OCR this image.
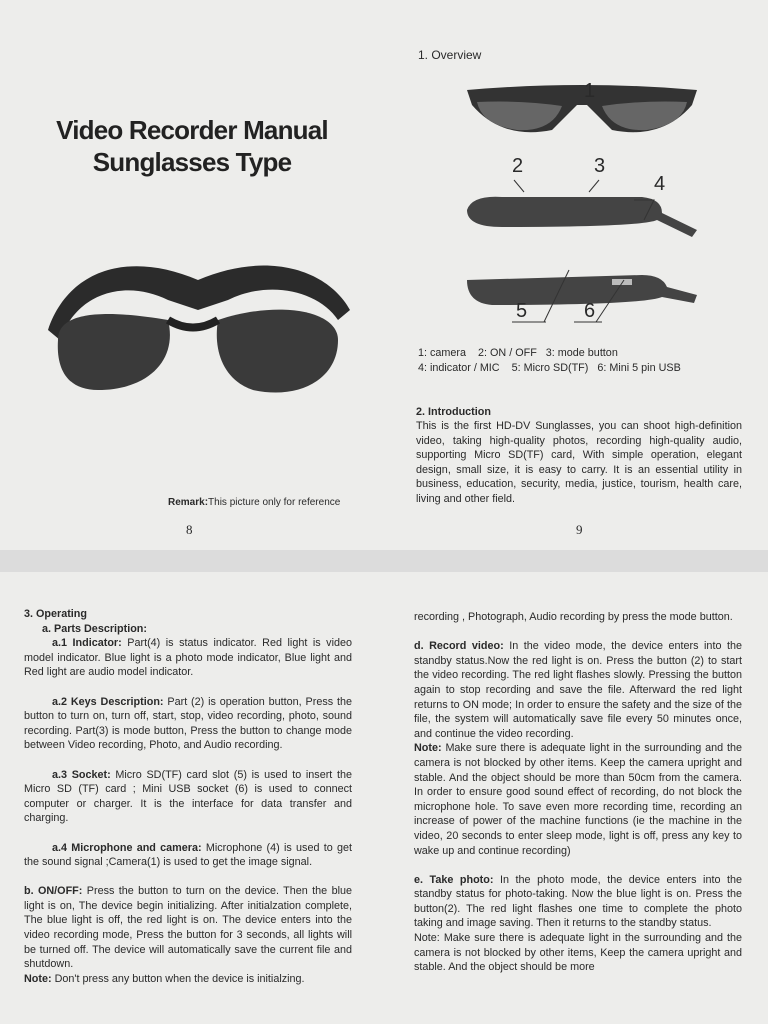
Video Recorder Manual
Sunglasses Type
Remark:This picture only for reference
8
1. Overview
1
2	3
4
5	6
1: camera    2: ON / OFF   3: mode button
4: indicator / MIC    5: Micro SD(TF)   6: Mini 5 pin USB
2. Introduction
This is the first HD-DV Sunglasses, you can shoot high-definition video, taking high-quality photos, recording high-quality audio, supporting Micro SD(TF) card, With simple operation, elegant design, small size, it is easy to carry. It is an essential utility in business, education, security, media, justice, tourism, health care, living and other field.
9

3. Operating

a. Parts Description:

a.1 Indicator: Part(4) is status indicator. Red light is video model indicator. Blue light is a photo mode indicator, Blue light and Red light are audio model indicator.

a.2 Keys Description: Part (2) is operation button, Press the button to turn on, turn off, start, stop, video recording, photo, sound recording. Part(3) is mode button, Press the button to change mode between Video recording, Photo, and Audio recording.

a.3 Socket: Micro SD(TF) card slot (5) is used to insert the Micro SD (TF) card ; Mini USB socket (6) is used to connect computer or charger. It is the interface for data transfer and charging.

a.4 Microphone and camera: Microphone (4) is used to get the sound signal ;Camera(1) is used to get the image signal.

b. ON/OFF: Press the button to turn on the device. Then the blue light is on, The device begin initializing. After initialzation complete, The blue light is off, the red light is on. The device enters into the video recording mode, Press the button for 3 seconds, all lights will be turned off. The device will automatically save the current file and shutdown.

Note: Don't press any button when the device is initialzing.

recording , Photograph, Audio recording by press the mode button.

d. Record video: In the video mode, the device enters into the standby status.Now the red light is on. Press the button (2) to start the video recording. The red light flashes slowly. Pressing the button again to stop recording and save the file. Afterward the red light returns to ON mode; In order to ensure the safety and the size of the file, the system will automatically save file every 50 minutes once, and continue the video recording.

Note: Make sure there is adequate light in the surrounding and the camera is not blocked by other items. Keep the camera upright and stable. And the object should be more than 50cm from the camera. In order to ensure good sound effect of recording, do not block the microphone hole. To save even more recording time, recording an increase of power of the machine functions (ie the machine in the video, 20 seconds to enter sleep mode, light is off, press any key to wake up and continue recording)

e. Take photo: In the photo mode, the device enters into the standby status for photo-taking. Now the blue light is on. Press the button(2). The red light flashes one time to complete the photo taking and image saving. Then it returns to the standby status.

Note: Make sure there is adequate light in the surrounding and the camera is not blocked by other items, Keep the camera upright and stable. And the object should be more
